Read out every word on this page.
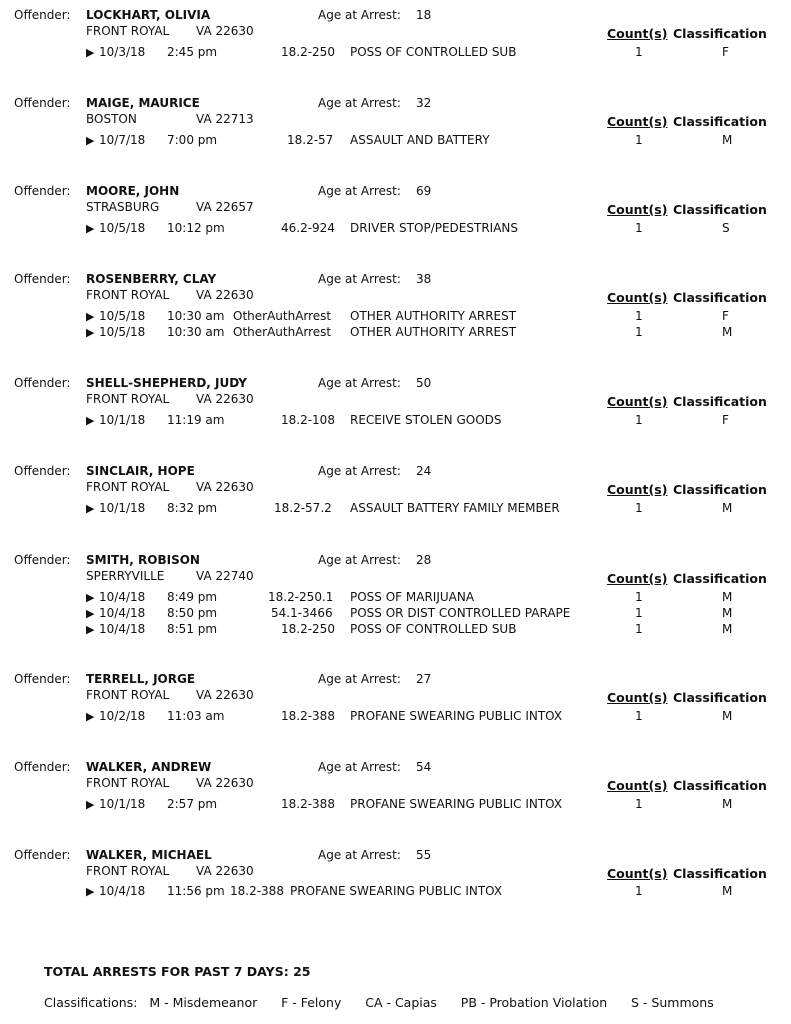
Offender: LOCKHART, OLIVIA	Age at Arrest: 18
FRONT ROYAL VA 22630	Count(s) Classification
▶ 10/3/18 2:45 pm	18.2-250 POSS OF CONTROLLED SUB	1	F
Offender: MAIGE, MAURICE	Age at Arrest: 32
BOSTON	VA 22713	Count(s) Classification
▶ 10/7/18 7:00 pm	18.2-57 ASSAULT AND BATTERY	1	M
Offender: MOORE, JOHN	Age at Arrest: 69
STRASBURG	VA 22657	Count(s) Classification
▶ 10/5/18 10:12 pm	46.2-924 DRIVER STOP/PEDESTRIANS	1	S
Offender: ROSENBERRY, CLAY	Age at Arrest: 38
FRONT ROYAL VA 22630	Count(s) Classification
▶ 10/5/18 10:30 am OtherAuthArrest OTHER AUTHORITY ARREST	1	F
▶ 10/5/18 10:30 am OtherAuthArrest OTHER AUTHORITY ARREST	1	M
Offender: SHELL-SHEPHERD, JUDY	Age at Arrest: 50
FRONT ROYAL VA 22630	Count(s) Classification
▶ 10/1/18 11:19 am	18.2-108 RECEIVE STOLEN GOODS	1	F
Offender: SINCLAIR, HOPE	Age at Arrest: 24
FRONT ROYAL VA 22630	Count(s) Classification
▶ 10/1/18 8:32 pm	18.2-57.2 ASSAULT BATTERY FAMILY MEMBER	1	M
Offender: SMITH, ROBISON	Age at Arrest: 28
SPERRYVILLE	VA 22740	Count(s) Classification
▶ 10/4/18 8:49 pm	18.2-250.1 POSS OF MARIJUANA	1	M
▶ 10/4/18 8:50 pm	54.1-3466 POSS OR DIST CONTROLLED PARAPE	1	M
▶ 10/4/18 8:51 pm	18.2-250 POSS OF CONTROLLED SUB	1	M
Offender: TERRELL, JORGE	Age at Arrest: 27
FRONT ROYAL VA 22630	Count(s) Classification
▶ 10/2/18 11:03 am	18.2-388 PROFANE SWEARING PUBLIC INTOX	1	M
Offender: WALKER, ANDREW	Age at Arrest: 54
FRONT ROYAL VA 22630	Count(s) Classification
▶ 10/1/18 2:57 pm	18.2-388 PROFANE SWEARING PUBLIC INTOX	1	M
Offender: WALKER, MICHAEL	Age at Arrest: 55
FRONT ROYAL VA 22630	Count(s) Classification
▶ 10/4/18 11:56 pm 18.2-388 PROFANE SWEARING PUBLIC INTOX	1	M
TOTAL ARRESTS FOR PAST 7 DAYS: 25
Classifications: M - Misdemeanor F - Felony CA - Capias PB - Probation Violation S - Summons
